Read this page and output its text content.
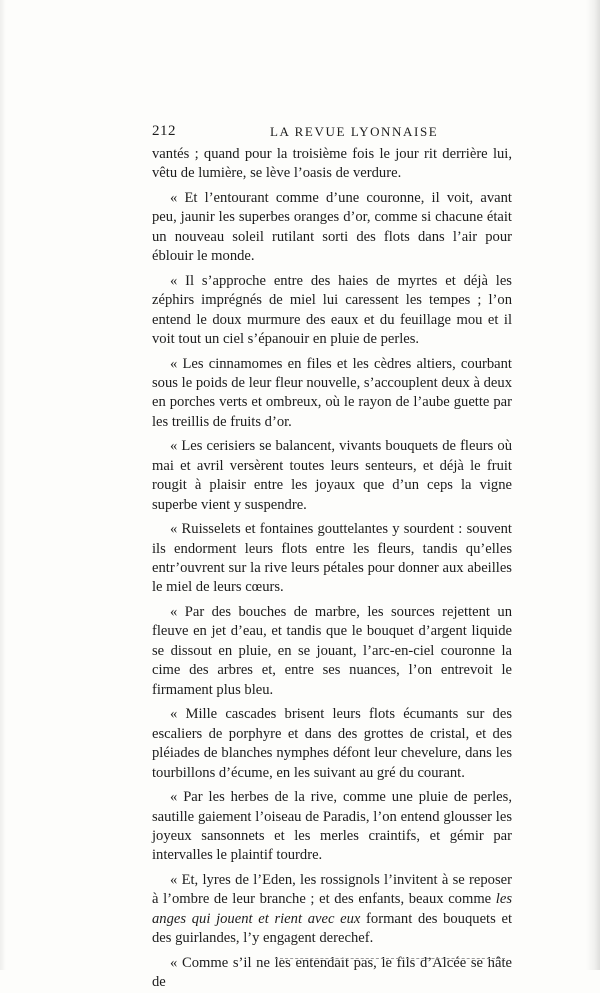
212	LA REVUE LYONNAISE

vantés ; quand pour la troisième fois le jour rit derrière lui, vêtu de lumière, se lève l’oasis de verdure.

« Et l’entourant comme d’une couronne, il voit, avant peu, jaunir les superbes oranges d’or, comme si chacune était un nouveau soleil rutilant sorti des flots dans l’air pour éblouir le monde.

« Il s’approche entre des haies de myrtes et déjà les zéphirs imprégnés de miel lui caressent les tempes ; l’on entend le doux murmure des eaux et du feuillage mou et il voit tout un ciel s’épanouir en pluie de perles.

« Les cinnamomes en files et les cèdres altiers, courbant sous le poids de leur fleur nouvelle, s’accouplent deux à deux en porches verts et ombreux, où le rayon de l’aube guette par les treillis de fruits d’or.

« Les cerisiers se balancent, vivants bouquets de fleurs où mai et avril versèrent toutes leurs senteurs, et déjà le fruit rougit à plaisir entre les joyaux que d’un ceps la vigne superbe vient y suspendre.

« Ruisselets et fontaines gouttelantes y sourdent : souvent ils endorment leurs flots entre les fleurs, tandis qu’elles entr’ouvrent sur la rive leurs pétales pour donner aux abeilles le miel de leurs cœurs.

« Par des bouches de marbre, les sources rejettent un fleuve en jet d’eau, et tandis que le bouquet d’argent liquide se dissout en pluie, en se jouant, l’arc-en-ciel couronne la cime des arbres et, entre ses nuances, l’on entrevoit le firmament plus bleu.

« Mille cascades brisent leurs flots écumants sur des escaliers de porphyre et dans des grottes de cristal, et des pléiades de blanches nymphes défont leur chevelure, dans les tourbillons d’écume, en les suivant au gré du courant.

« Par les herbes de la rive, comme une pluie de perles, sautille gaiement l’oiseau de Paradis, l’on entend glousser les joyeux sansonnets et les merles craintifs, et gémir par intervalles le plaintif tourdre.

« Et, lyres de l’Eden, les rossignols l’invitent à se reposer à l’ombre de leur branche ; et des enfants, beaux comme les anges qui jouent et rient avec eux formant des bouquets et des guirlandes, l’y engagent derechef.

« Comme s’il ne les entendait pas, le fils d’Alcée se hâte de
